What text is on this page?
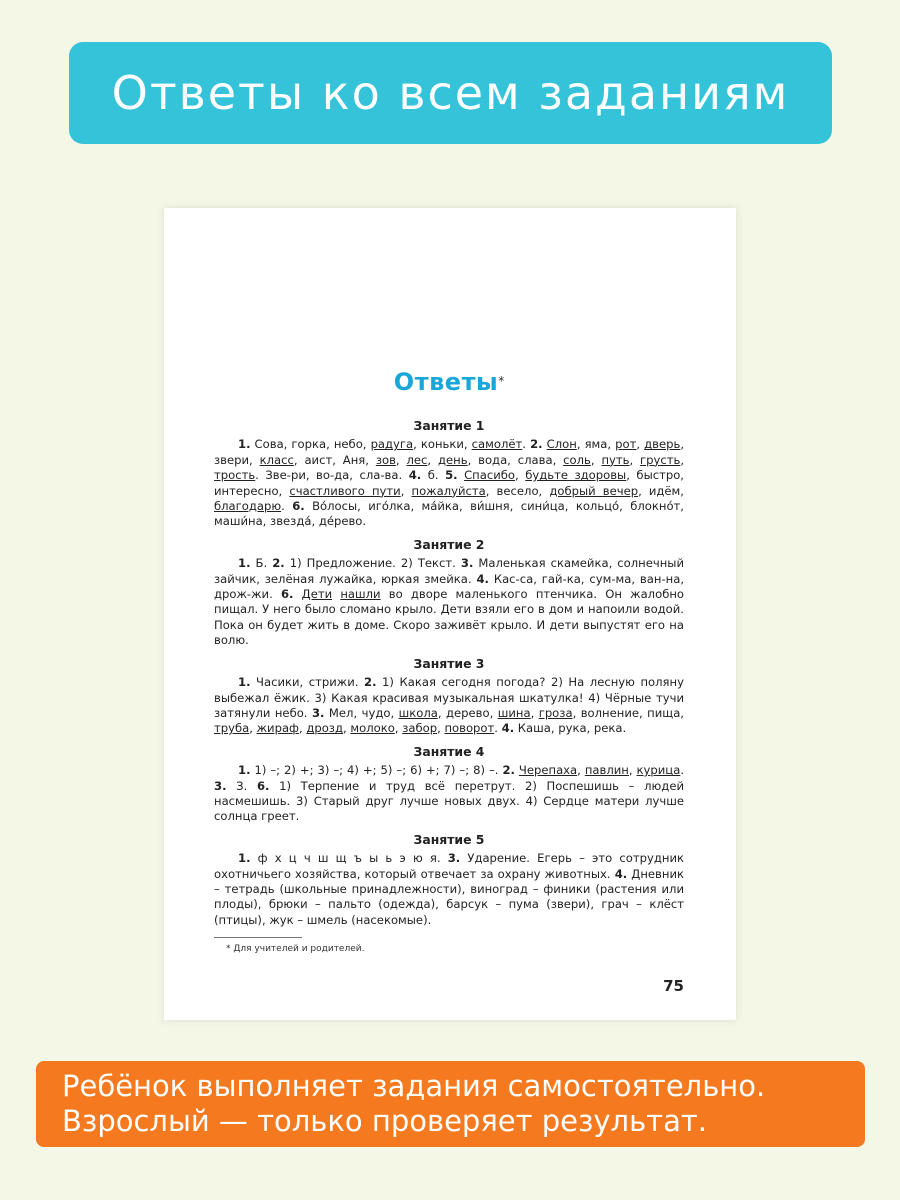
Ответы ко всем заданиям
Ответы*
Занятие 1

1. Сова, горка, небо, радуга, коньки, самолёт. 2. Слон, яма, рот, дверь, звери, класс, аист, Аня, зов, лес, день, вода, слава, соль, путь, грусть, трость. Зве-ри, во-да, сла-ва. 4. б. 5. Спасибо, будьте здоровы, быстро, интересно, счастливого пути, пожалуйста, весело, добрый вечер, идём, благодарю. 6. Во́лосы, иго́лка, ма́йка, ви́шня, сини́ца, кольцо́, блокно́т, маши́на, звезда́, де́рево.

Занятие 2

1. Б. 2. 1) Предложение. 2) Текст. 3. Маленькая скамейка, солнечный зайчик, зелёная лужайка, юркая змейка. 4. Кас-са, гай-ка, сум-ма, ван-на, дрож-жи. 6. Дети нашли во дворе маленького птенчика. Он жалобно пищал. У него было сломано крыло. Дети взяли его в дом и напоили водой. Пока он будет жить в доме. Скоро заживёт крыло. И дети выпустят его на волю.

Занятие 3

1. Часики, стрижи. 2. 1) Какая сегодня погода? 2) На лесную поляну выбежал ёжик. 3) Какая красивая музыкальная шкатулка! 4) Чёрные тучи затянули небо. 3. Мел, чудо, школа, дерево, шина, гроза, волнение, пища, труба, жираф, дрозд, молоко, забор, поворот. 4. Каша, рука, река.

Занятие 4

1. 1) –; 2) +; 3) –; 4) +; 5) –; 6) +; 7) –; 8) –. 2. Черепаха, павлин, курица. 3. З. 6. 1) Терпение и труд всё перетрут. 2) Поспешишь – людей насмешишь. 3) Старый друг лучше новых двух. 4) Сердце матери лучше солнца греет.

Занятие 5

1. ф х ц ч ш щ ъ ы ь э ю я. 3. Ударение. Егерь – это сотрудник охотничьего хозяйства, который отвечает за охрану животных. 4. Дневник – тетрадь (школьные принадлежности), виноград – финики (растения или плоды), брюки – пальто (одежда), барсук – пума (звери), грач – клёст (птицы), жук – шмель (насекомые).

* Для учителей и родителей.
75
Ребёнок выполняет задания самостоятельно.
Взрослый — только проверяет результат.
